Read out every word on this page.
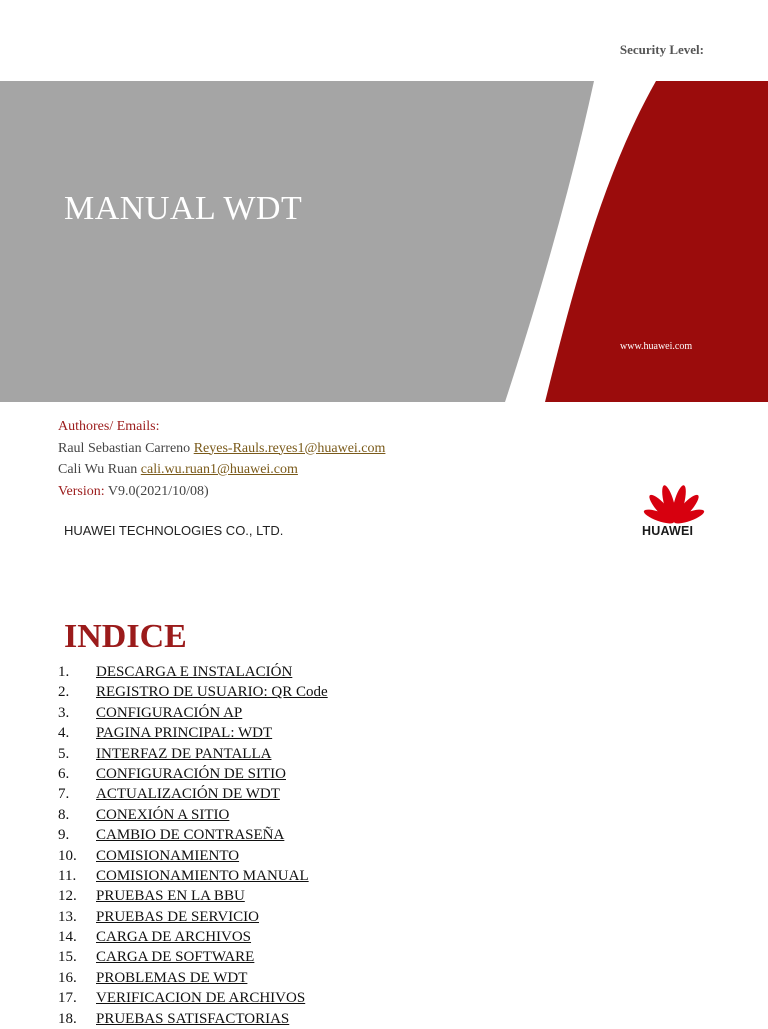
Security Level:
MANUAL WDT
www.huawei.com
Authores/ Emails:
Raul Sebastian Carreno Reyes-Rauls.reyes1@huawei.com
Cali Wu Ruan cali.wu.ruan1@huawei.com
Version: V9.0(2021/10/08)
HUAWEI TECHNOLOGIES CO., LTD.	HUAWEI
INDICE
1. DESCARGA E INSTALACIÓN
2. REGISTRO DE USUARIO: QR Code
3. CONFIGURACIÓN AP
4. PAGINA PRINCIPAL: WDT
5. INTERFAZ DE PANTALLA
6. CONFIGURACIÓN DE SITIO
7. ACTUALIZACIÓN DE WDT
8. CONEXIÓN A SITIO
9. CAMBIO DE CONTRASEÑA
10. COMISIONAMIENTO
11. COMISIONAMIENTO MANUAL
12. PRUEBAS EN LA BBU
13. PRUEBAS DE SERVICIO
14. CARGA DE ARCHIVOS
15. CARGA DE SOFTWARE
16. PROBLEMAS DE WDT
17. VERIFICACION DE ARCHIVOS
18. PRUEBAS SATISFACTORIAS
